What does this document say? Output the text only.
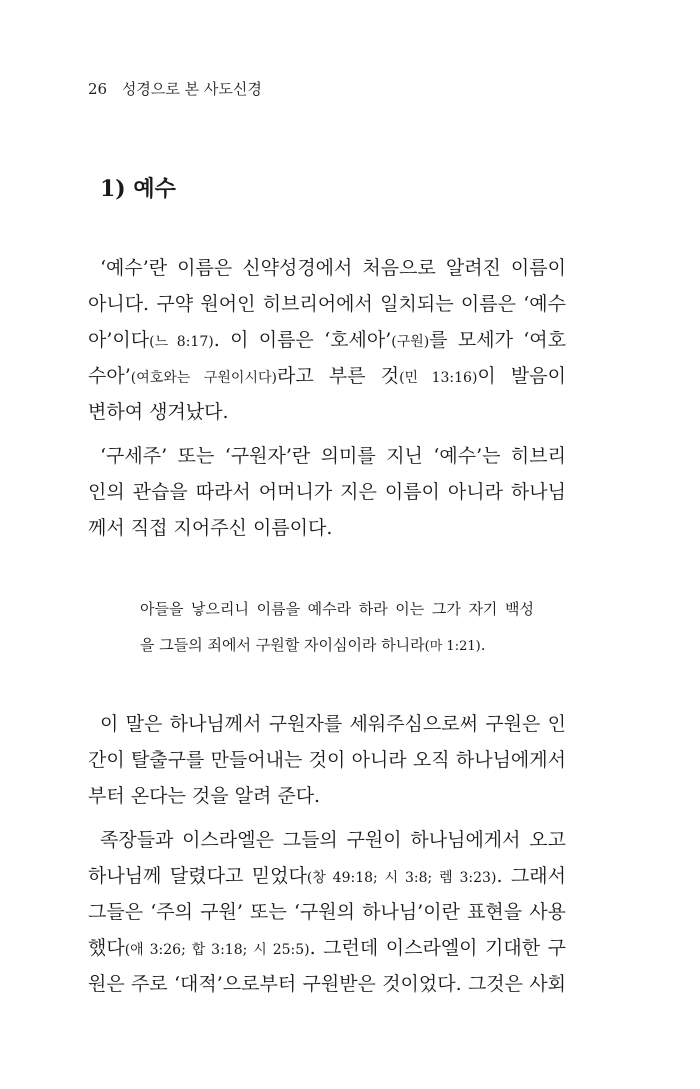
26 성경으로 본 사도신경
1) 예수
‘예수’란 이름은 신약성경에서 처음으로 알려진 이름이
아니다. 구약 원어인 히브리어에서 일치되는 이름은 ‘예수
아’이다(느 8:17). 이 이름은 ‘호세아’(구원)를 모세가 ‘여호
수아’(여호와는 구원이시다)라고 부른 것(민 13:16)이 발음이
변하여 생겨났다.
‘구세주’ 또는 ‘구원자’란 의미를 지닌 ‘예수’는 히브리
인의 관습을 따라서 어머니가 지은 이름이 아니라 하나님
께서 직접 지어주신 이름이다.
아들을 낳으리니 이름을 예수라 하라 이는 그가 자기 백성
을 그들의 죄에서 구원할 자이심이라 하니라(마 1:21).
이 말은 하나님께서 구원자를 세워주심으로써 구원은 인
간이 탈출구를 만들어내는 것이 아니라 오직 하나님에게서
부터 온다는 것을 알려 준다.
족장들과 이스라엘은 그들의 구원이 하나님에게서 오고
하나님께 달렸다고 믿었다(창 49:18; 시 3:8; 렘 3:23). 그래서
그들은 ‘주의 구원’ 또는 ‘구원의 하나님’이란 표현을 사용
했다(애 3:26; 합 3:18; 시 25:5). 그런데 이스라엘이 기대한 구
원은 주로 ‘대적’으로부터 구원받은 것이었다. 그것은 사회
